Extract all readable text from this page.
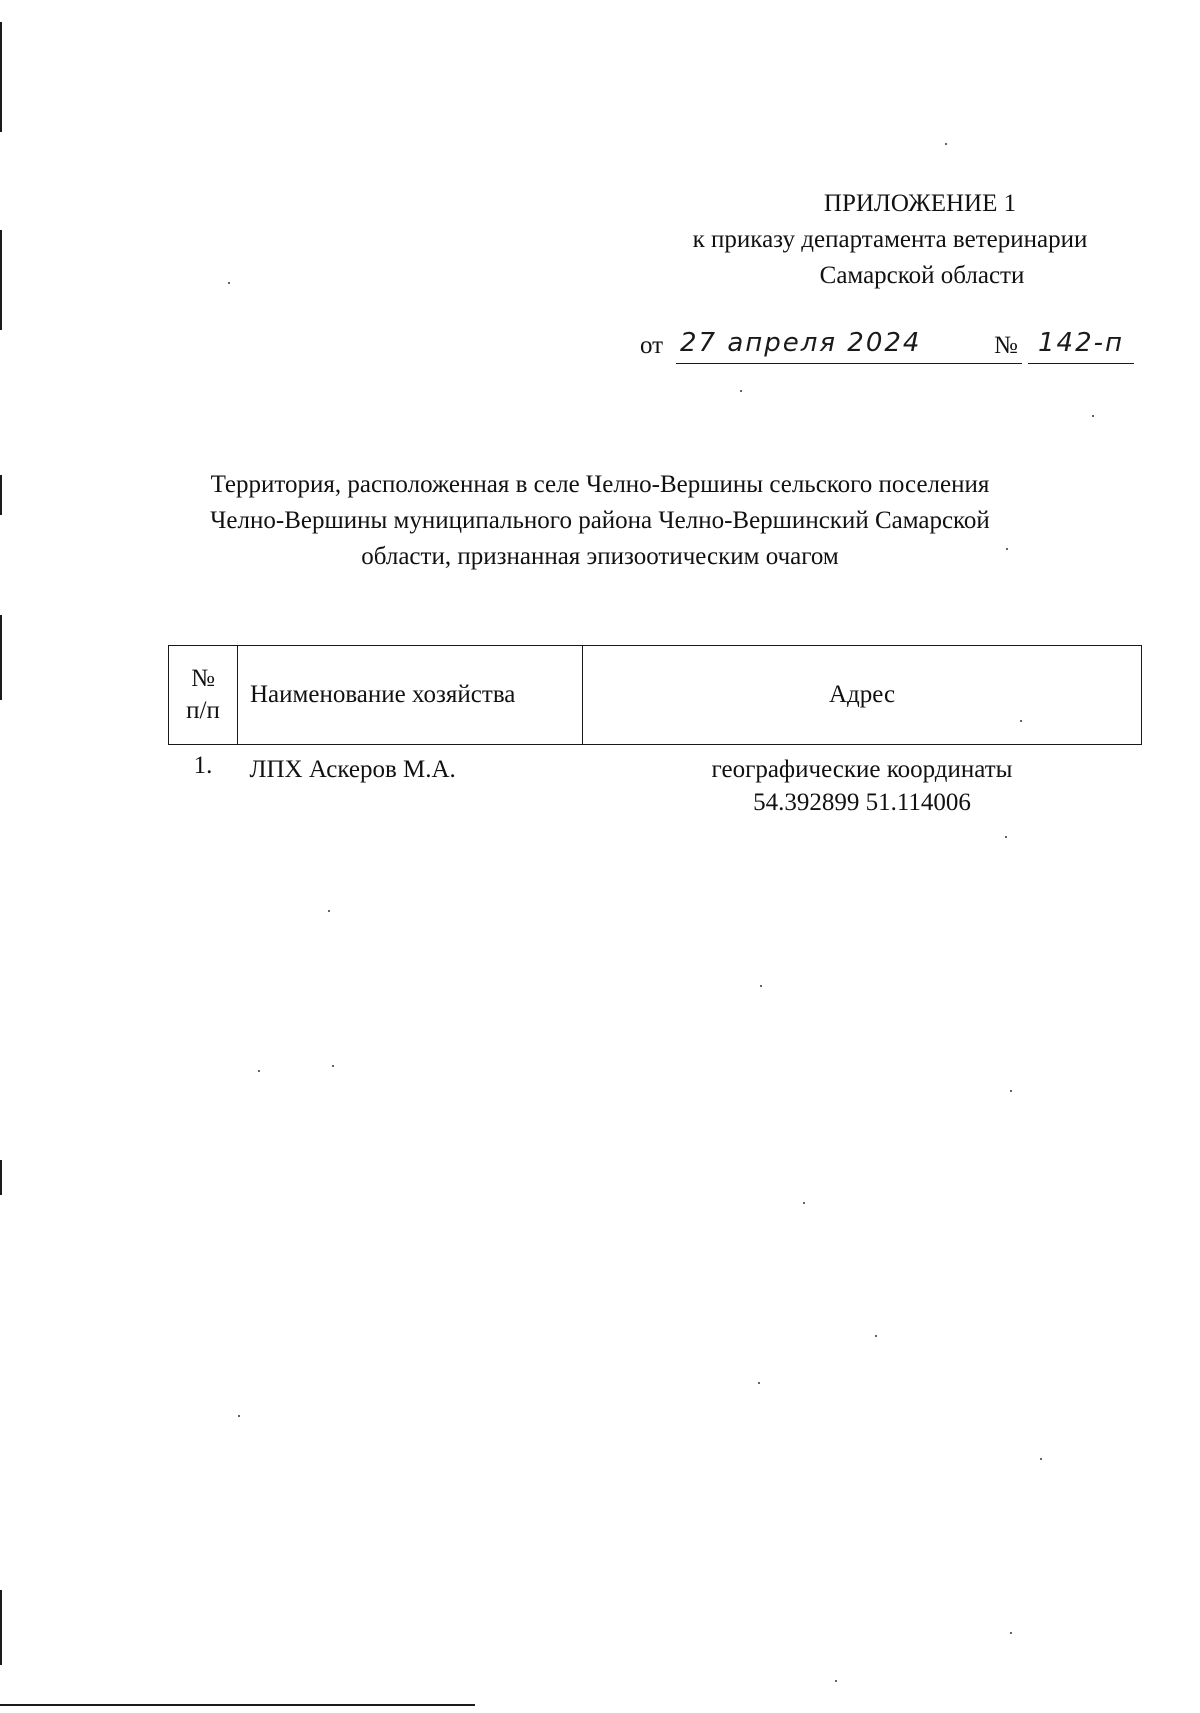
ПРИЛОЖЕНИЕ 1
к приказу департамента ветеринарии
Самарской области
от 27 апреля 2024	№ 142-п
Территория, расположенная в селе Челно-Вершины сельского поселения
Челно-Вершины муниципального района Челно-Вершинский Самарской
области, признанная эпизоотическим очагом
№
п/п	Наименование хозяйства	Адрес
1.	ЛПХ Аскеров М.А.	географические координаты
54.392899 51.114006
